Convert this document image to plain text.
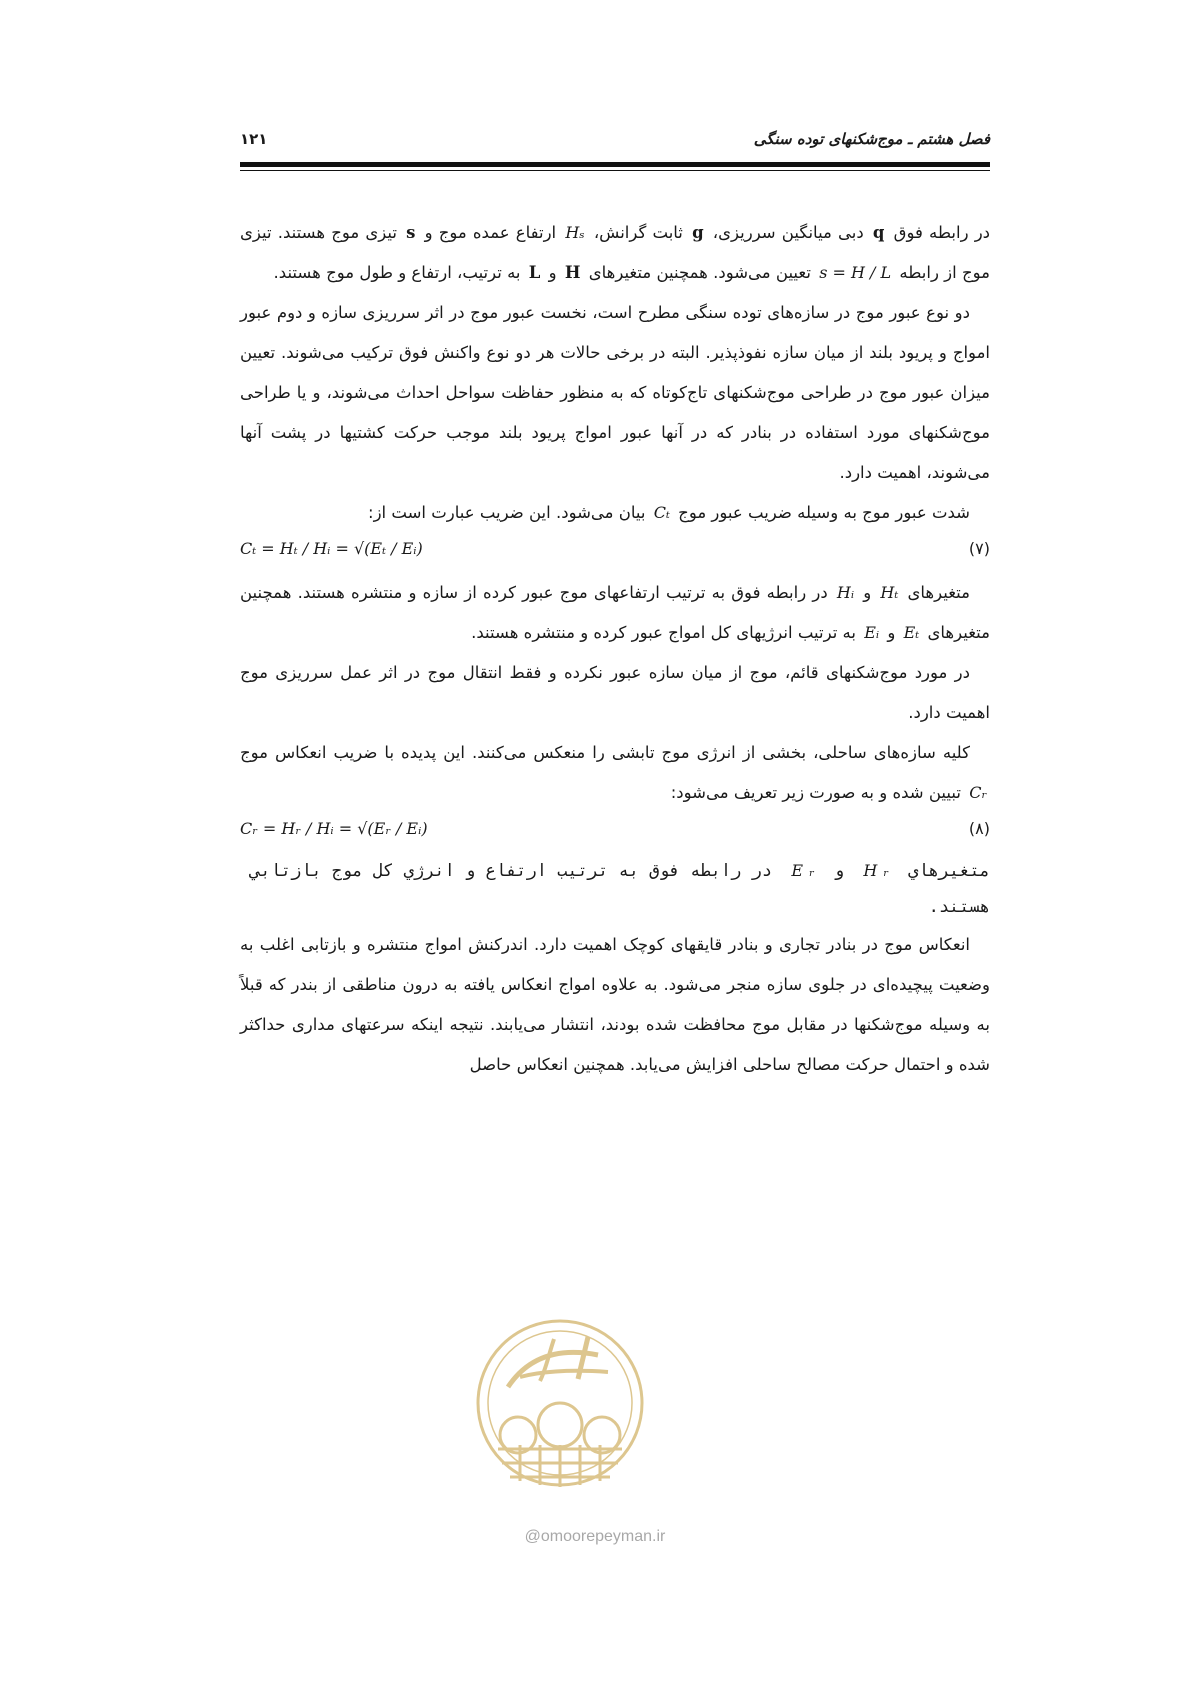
فصل هشتم ـ موج‌شکنهای توده سنگی
۱۲۱

در رابطه فوق q دبی میانگین سرریزی، g ثابت گرانش، Hₛ ارتفاع عمده موج و s تیزی موج هستند. تیزی موج از رابطه s = H / L تعیین می‌شود. همچنین متغیرهای H و L به ترتیب، ارتفاع و طول موج هستند.

دو نوع عبور موج در سازه‌های توده سنگی مطرح است، نخست عبور موج در اثر سرریزی سازه و دوم عبور امواج و پریود بلند از میان سازه نفوذپذیر. البته در برخی حالات هر دو نوع واکنش فوق ترکیب می‌شوند. تعیین میزان عبور موج در طراحی موج‌شکنهای تاج‌کوتاه که به منظور حفاظت سواحل احداث می‌شوند، و یا طراحی موج‌شکنهای مورد استفاده در بنادر که در آنها عبور امواج پریود بلند موجب حرکت کشتیها در پشت آنها می‌شوند، اهمیت دارد.

شدت عبور موج به وسیله ضریب عبور موج Cₜ بیان می‌شود. این ضریب عبارت است از:

Cₜ = Hₜ / Hᵢ = √(Eₜ / Eᵢ)	(۷)

متغیرهای Hₜ و Hᵢ در رابطه فوق به ترتیب ارتفاعهای موج عبور کرده از سازه و منتشره هستند. همچنین متغیرهای Eₜ و Eᵢ به ترتیب انرژیهای کل امواج عبور کرده و منتشره هستند.

در مورد موج‌شکنهای قائم، موج از میان سازه عبور نکرده و فقط انتقال موج در اثر عمل سرریزی موج اهمیت دارد.

کلیه سازه‌های ساحلی، بخشی از انرژی موج تابشی را منعکس می‌کنند. این پدیده با ضریب انعکاس موج Cᵣ تبیین شده و به صورت زیر تعریف می‌شود:

Cᵣ = Hᵣ / Hᵢ = √(Eᵣ / Eᵢ)	(۸)

متغیرهاي Hᵣ و Eᵣ در رابطه فوق به ترتيب ارتفاع و انرژي کل موج بازتابي هستند.

انعکاس موج در بنادر تجاری و بنادر قایقهای کوچک اهمیت دارد. اندرکنش امواج منتشره و بازتابی اغلب به وضعیت پیچیده‌ای در جلوی سازه منجر می‌شود. به علاوه امواج انعکاس یافته به درون مناطقی از بندر که قبلاً به وسیله موج‌شکنها در مقابل موج محافظت شده بودند، انتشار می‌یابند. نتیجه اینکه سرعتهای مداری حداکثر شده و احتمال حرکت مصالح ساحلی افزایش می‌یابد. همچنین انعکاس حاصل

@omoorepeyman.ir
